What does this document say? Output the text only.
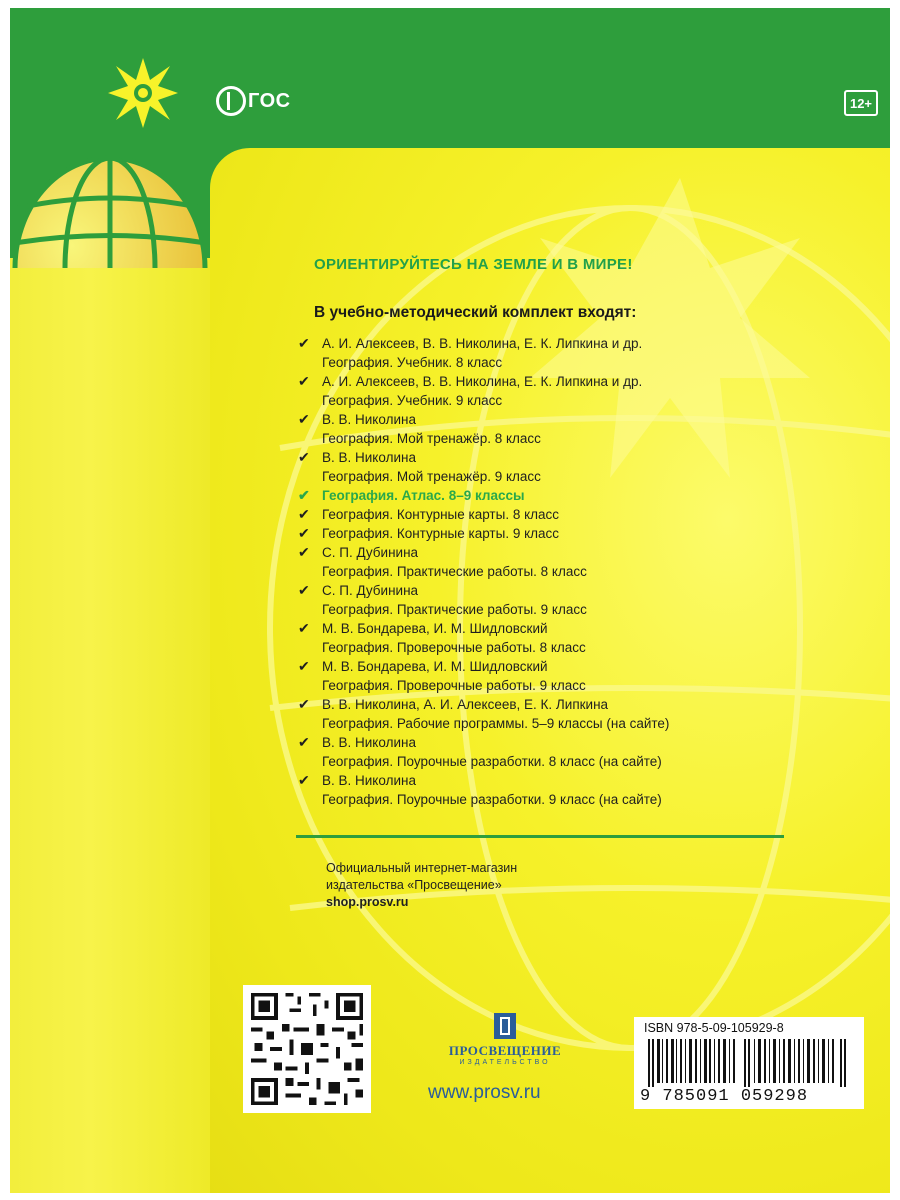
ГОС	12+
ОРИЕНТИРУЙТЕСЬ НА ЗЕМЛЕ И В МИРЕ!
В учебно-методический комплект входят:
✔ А. И. Алексеев, В. В. Николина, Е. К. Липкина и др.
География. Учебник. 8 класс
✔ А. И. Алексеев, В. В. Николина, Е. К. Липкина и др.
География. Учебник. 9 класс
✔ В. В. Николина
География. Мой тренажёр. 8 класс
✔ В. В. Николина
География. Мой тренажёр. 9 класс
✔ География. Атлас. 8–9 классы
✔ География. Контурные карты. 8 класс
✔ География. Контурные карты. 9 класс
✔ С. П. Дубинина
География. Практические работы. 8 класс
✔ С. П. Дубинина
География. Практические работы. 9 класс
✔ М. В. Бондарева, И. М. Шидловский
География. Проверочные работы. 8 класс
✔ М. В. Бондарева, И. М. Шидловский
География. Проверочные работы. 9 класс
✔ В. В. Николина, А. И. Алексеев, Е. К. Липкина
География. Рабочие программы. 5–9 классы (на сайте)
✔ В. В. Николина
География. Поурочные разработки. 8 класс (на сайте)
✔ В. В. Николина
География. Поурочные разработки. 9 класс (на сайте)
Официальный интернет-магазин
издательства «Просвещение»
shop.prosv.ru
ПРОСВЕЩЕНИЕ
ИЗДАТЕЛЬСТВО
www.prosv.ru
ISBN 978-5-09-105929-8
9 785091 059298
